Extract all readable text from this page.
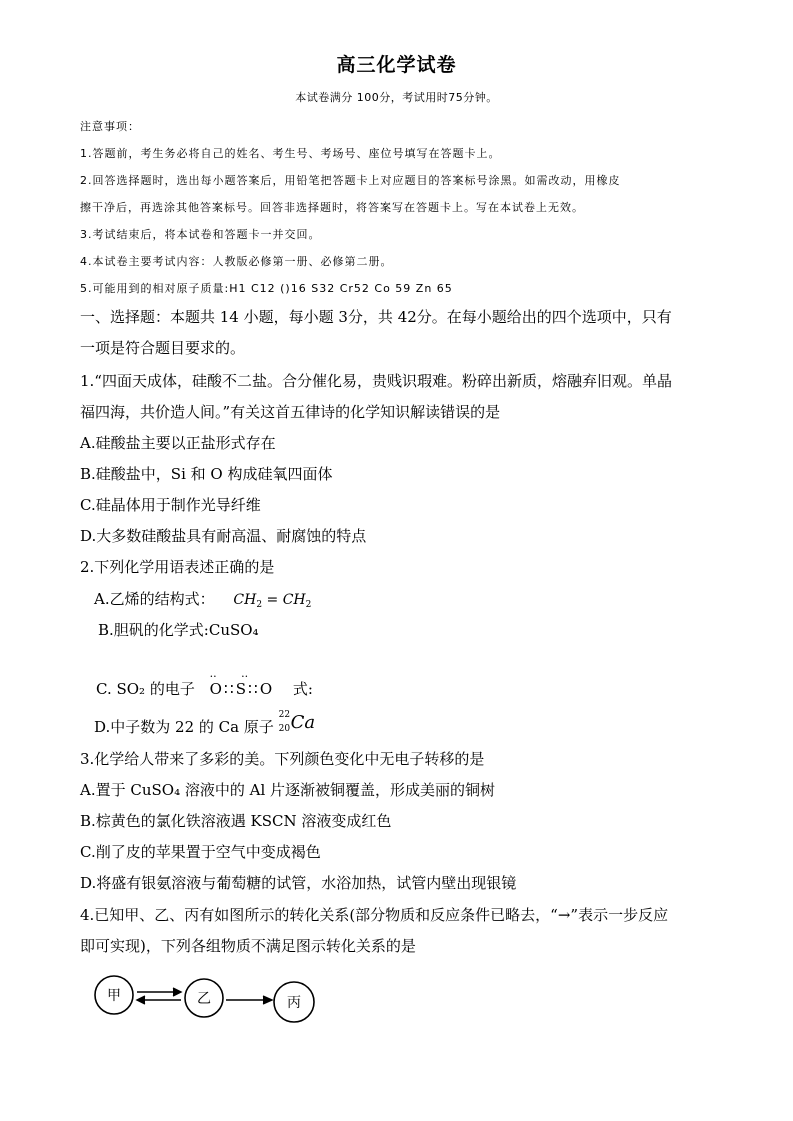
高三化学试卷
本试卷满分 100分，考试用时75分钟。
注意事项：
1.答题前，考生务必将自己的姓名、考生号、考场号、座位号填写在答题卡上。
2.回答选择题时，选出每小题答案后，用铅笔把答题卡上对应题目的答案标号涂黑。如需改动，用橡皮
擦干净后，再选涂其他答案标号。回答非选择题时，将答案写在答题卡上。写在本试卷上无效。
3.考试结束后，将本试卷和答题卡一并交回。
4.本试卷主要考试内容：人教版必修第一册、必修第二册。
5.可能用到的相对原子质量:H1 C12 ()16 S32 Cr52 Co 59 Zn 65
一、选择题：本题共 14 小题，每小题 3分，共 42分。在每小题给出的四个选项中，只有
一项是符合题目要求的。
1.“四面天成体，硅酸不二盐。合分催化易，贵贱识瑕难。粉碎出新质，熔融弃旧观。单晶
福四海，共价造人间。”有关这首五律诗的化学知识解读错误的是
A.硅酸盐主要以正盐形式存在
B.硅酸盐中，Si 和 O 构成硅氧四面体
C.硅晶体用于制作光导纤维
D.大多数硅酸盐具有耐高温、耐腐蚀的特点
2.下列化学用语表述正确的是
A.乙烯的结构式： $CH_2 = CH_2$
B.胆矾的化学式:CuSO₄
C. SO₂ 的电子
··       ··
O∶∶S∶∶O 式:
D.中子数为 22 的 Ca 原子
22
20 Ca
3.化学给人带来了多彩的美。下列颜色变化中无电子转移的是
A.置于 CuSO₄ 溶液中的 Al 片逐渐被铜覆盖，形成美丽的铜树
B.棕黄色的氯化铁溶液遇 KSCN 溶液变成红色
C.削了皮的苹果置于空气中变成褐色
D.将盛有银氨溶液与葡萄糖的试管，水浴加热，试管内壁出现银镜
4.已知甲、乙、丙有如图所示的转化关系(部分物质和反应条件已略去，“→”表示一步反应
即可实现)，下列各组物质不满足图示转化关系的是
甲	乙	丙
